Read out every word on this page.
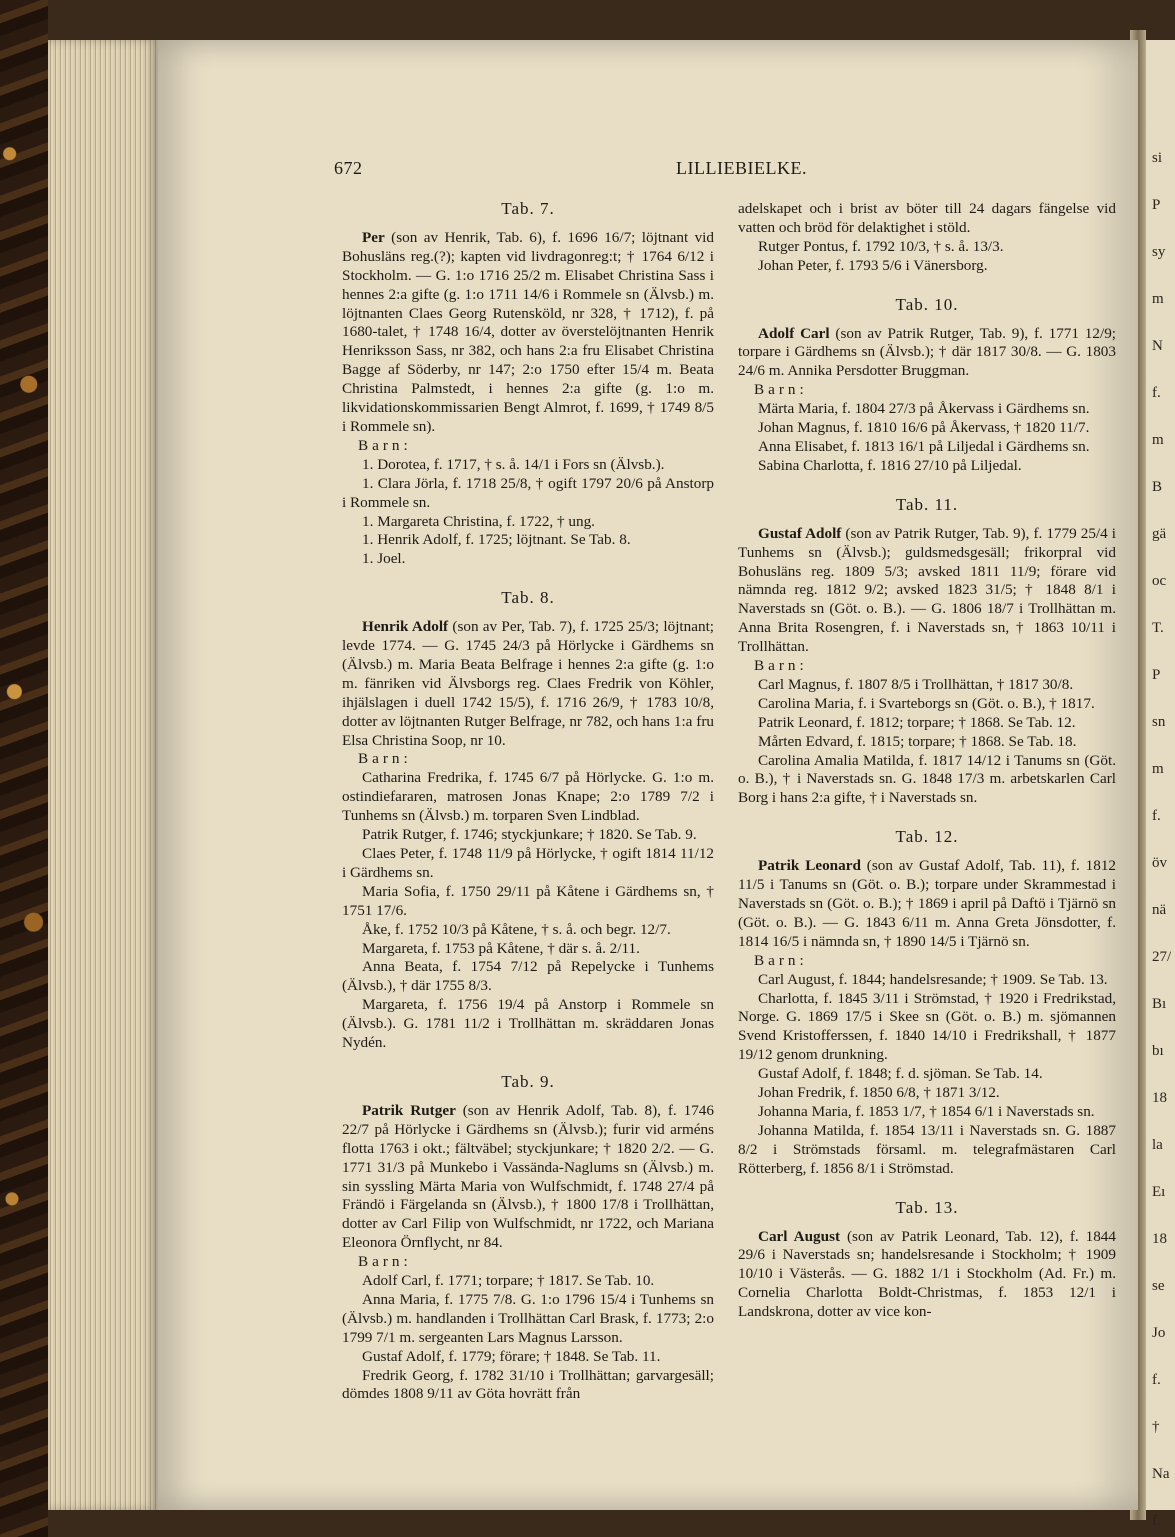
672	LILLIEBIELKE.

Tab. 7.

Per (son av Henrik, Tab. 6), f. 1696 16/7; löjtnant vid Bohusläns reg.(?); kapten vid livdragonreg:t; † 1764 6/12 i Stockholm. — G. 1:o 1716 25/2 m. Elisabet Christina Sass i hennes 2:a gifte (g. 1:o 1711 14/6 i Rommele sn (Älvsb.) m. löjtnanten Claes Georg Rutensköld, nr 328, † 1712), f. på 1680-talet, † 1748 16/4, dotter av överstelöjtnanten Henrik Henriksson Sass, nr 382, och hans 2:a fru Elisabet Christina Bagge af Söderby, nr 147; 2:o 1750 efter 15/4 m. Beata Christina Palmstedt, i hennes 2:a gifte (g. 1:o m. likvidationskommissarien Bengt Almrot, f. 1699, † 1749 8/5 i Rommele sn).

Barn:

1. Dorotea, f. 1717, † s. å. 14/1 i Fors sn (Älvsb.).

1. Clara Jörla, f. 1718 25/8, † ogift 1797 20/6 på Anstorp i Rommele sn.

1. Margareta Christina, f. 1722, † ung.

1. Henrik Adolf, f. 1725; löjtnant. Se Tab. 8.

1. Joel.

Tab. 8.

Henrik Adolf (son av Per, Tab. 7), f. 1725 25/3; löjtnant; levde 1774. — G. 1745 24/3 på Hörlycke i Gärdhems sn (Älvsb.) m. Maria Beata Belfrage i hennes 2:a gifte (g. 1:o m. fänriken vid Älvsborgs reg. Claes Fredrik von Köhler, ihjälslagen i duell 1742 15/5), f. 1716 26/9, † 1783 10/8, dotter av löjtnanten Rutger Belfrage, nr 782, och hans 1:a fru Elsa Christina Soop, nr 10.

Barn:

Catharina Fredrika, f. 1745 6/7 på Hörlycke. G. 1:o m. ostindiefararen, matrosen Jonas Knape; 2:o 1789 7/2 i Tunhems sn (Älvsb.) m. torparen Sven Lindblad.

Patrik Rutger, f. 1746; styckjunkare; † 1820. Se Tab. 9.

Claes Peter, f. 1748 11/9 på Hörlycke, † ogift 1814 11/12 i Gärdhems sn.

Maria Sofia, f. 1750 29/11 på Kåtene i Gärdhems sn, † 1751 17/6.

Åke, f. 1752 10/3 på Kåtene, † s. å. och begr. 12/7.

Margareta, f. 1753 på Kåtene, † där s. å. 2/11.

Anna Beata, f. 1754 7/12 på Repelycke i Tunhems (Älvsb.), † där 1755 8/3.

Margareta, f. 1756 19/4 på Anstorp i Rommele sn (Älvsb.). G. 1781 11/2 i Trollhättan m. skräddaren Jonas Nydén.

Tab. 9.

Patrik Rutger (son av Henrik Adolf, Tab. 8), f. 1746 22/7 på Hörlycke i Gärdhems sn (Älvsb.); furir vid arméns flotta 1763 i okt.; fältväbel; styckjunkare; † 1820 2/2. — G. 1771 31/3 på Munkebo i Vassända-Naglums sn (Älvsb.) m. sin syssling Märta Maria von Wulfschmidt, f. 1748 27/4 på Frändö i Färgelanda sn (Älvsb.), † 1800 17/8 i Trollhättan, dotter av Carl Filip von Wulfschmidt, nr 1722, och Mariana Eleonora Örnflycht, nr 84.

Barn:

Adolf Carl, f. 1771; torpare; † 1817. Se Tab. 10.

Anna Maria, f. 1775 7/8. G. 1:o 1796 15/4 i Tunhems sn (Älvsb.) m. handlanden i Trollhättan Carl Brask, f. 1773; 2:o 1799 7/1 m. sergeanten Lars Magnus Larsson.

Gustaf Adolf, f. 1779; förare; † 1848. Se Tab. 11.

Fredrik Georg, f. 1782 31/10 i Trollhättan; garvargesäll; dömdes 1808 9/11 av Göta hovrätt från

adelskapet och i brist av böter till 24 dagars fängelse vid vatten och bröd för delaktighet i stöld.

Rutger Pontus, f. 1792 10/3, † s. å. 13/3.

Johan Peter, f. 1793 5/6 i Vänersborg.

Tab. 10.

Adolf Carl (son av Patrik Rutger, Tab. 9), f. 1771 12/9; torpare i Gärdhems sn (Älvsb.); † där 1817 30/8. — G. 1803 24/6 m. Annika Persdotter Bruggman.

Barn:

Märta Maria, f. 1804 27/3 på Åkervass i Gärdhems sn.

Johan Magnus, f. 1810 16/6 på Åkervass, † 1820 11/7.

Anna Elisabet, f. 1813 16/1 på Liljedal i Gärdhems sn.

Sabina Charlotta, f. 1816 27/10 på Liljedal.

Tab. 11.

Gustaf Adolf (son av Patrik Rutger, Tab. 9), f. 1779 25/4 i Tunhems sn (Älvsb.); guldsmedsgesäll; frikorpral vid Bohusläns reg. 1809 5/3; avsked 1811 11/9; förare vid nämnda reg. 1812 9/2; avsked 1823 31/5; † 1848 8/1 i Naverstads sn (Göt. o. B.). — G. 1806 18/7 i Trollhättan m. Anna Brita Rosengren, f. i Naverstads sn, † 1863 10/11 i Trollhättan.

Barn:

Carl Magnus, f. 1807 8/5 i Trollhättan, † 1817 30/8.

Carolina Maria, f. i Svarteborgs sn (Göt. o. B.), † 1817.

Patrik Leonard, f. 1812; torpare; † 1868. Se Tab. 12.

Mårten Edvard, f. 1815; torpare; † 1868. Se Tab. 18.

Carolina Amalia Matilda, f. 1817 14/12 i Tanums sn (Göt. o. B.), † i Naverstads sn. G. 1848 17/3 m. arbetskarlen Carl Borg i hans 2:a gifte, † i Naverstads sn.

Tab. 12.

Patrik Leonard (son av Gustaf Adolf, Tab. 11), f. 1812 11/5 i Tanums sn (Göt. o. B.); torpare under Skrammestad i Naverstads sn (Göt. o. B.); † 1869 i april på Daftö i Tjärnö sn (Göt. o. B.). — G. 1843 6/11 m. Anna Greta Jönsdotter, f. 1814 16/5 i nämnda sn, † 1890 14/5 i Tjärnö sn.

Barn:

Carl August, f. 1844; handelsresande; † 1909. Se Tab. 13.

Charlotta, f. 1845 3/11 i Strömstad, † 1920 i Fredrikstad, Norge. G. 1869 17/5 i Skee sn (Göt. o. B.) m. sjömannen Svend Kristofferssen, f. 1840 14/10 i Fredrikshall, † 1877 19/12 genom drunkning.

Gustaf Adolf, f. 1848; f. d. sjöman. Se Tab. 14.

Johan Fredrik, f. 1850 6/8, † 1871 3/12.

Johanna Maria, f. 1853 1/7, † 1854 6/1 i Naverstads sn.

Johanna Matilda, f. 1854 13/11 i Naverstads sn. G. 1887 8/2 i Strömstads församl. m. telegrafmästaren Carl Rötterberg, f. 1856 8/1 i Strömstad.

Tab. 13.

Carl August (son av Patrik Leonard, Tab. 12), f. 1844 29/6 i Naverstads sn; handelsresande i Stockholm; † 1909 10/10 i Västerås. — G. 1882 1/1 i Stockholm (Ad. Fr.) m. Cornelia Charlotta Boldt-Christmas, f. 1853 12/1 i Landskrona, dotter av vice kon-

si
P
sy
m
N
f.
m
B
gä
oc
T.
P
sn
m
f.
öv
nä
27/
Bı
bı
18
la
Eı
18
se
Jo
f.
†
Na
f.
